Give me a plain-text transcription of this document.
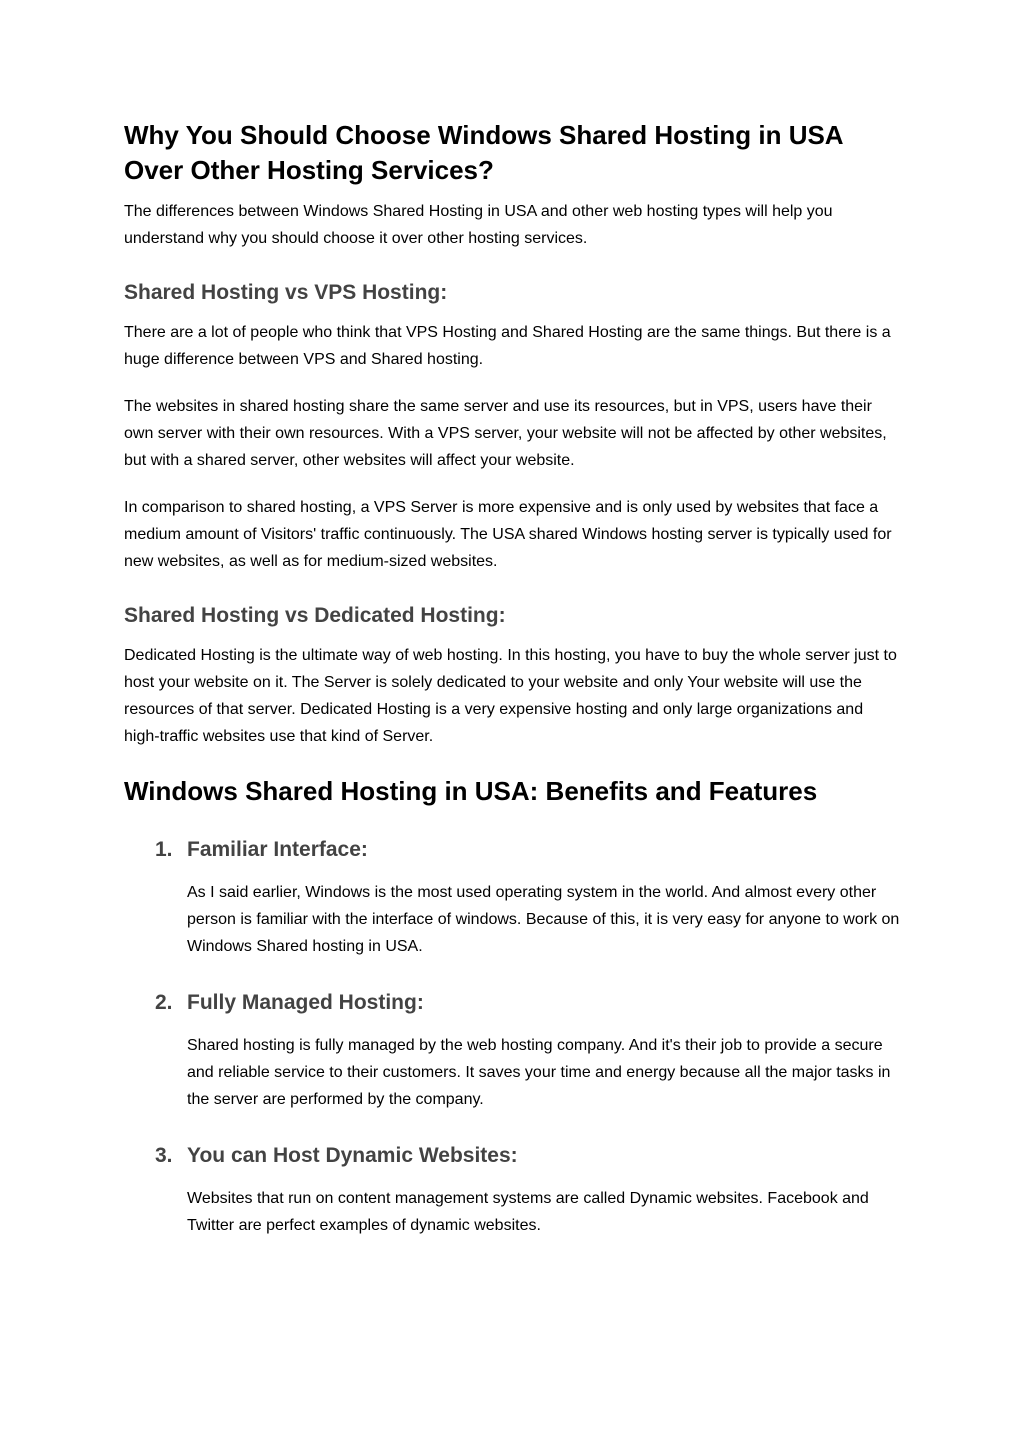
Why You Should Choose Windows Shared Hosting in USA Over Other Hosting Services?

The differences between Windows Shared Hosting in USA and other web hosting types will help you understand why you should choose it over other hosting services.

Shared Hosting vs VPS Hosting:

There are a lot of people who think that VPS Hosting and Shared Hosting are the same things. But there is a huge difference between VPS and Shared hosting.

The websites in shared hosting share the same server and use its resources, but in VPS, users have their own server with their own resources. With a VPS server, your website will not be affected by other websites, but with a shared server, other websites will affect your website.

In comparison to shared hosting, a VPS Server is more expensive and is only used by websites that face a medium amount of Visitors' traffic continuously. The USA shared Windows hosting server is typically used for new websites, as well as for medium-sized websites.

Shared Hosting vs Dedicated Hosting:

Dedicated Hosting is the ultimate way of web hosting. In this hosting, you have to buy the whole server just to host your website on it. The Server is solely dedicated to your website and only Your website will use the resources of that server. Dedicated Hosting is a very expensive hosting and only large organizations and high-traffic websites use that kind of Server.

Windows Shared Hosting in USA: Benefits and Features
1. Familiar Interface:

As I said earlier, Windows is the most used operating system in the world. And almost every other person is familiar with the interface of windows. Because of this, it is very easy for anyone to work on Windows Shared hosting in USA.

2. Fully Managed Hosting:

Shared hosting is fully managed by the web hosting company. And it's their job to provide a secure and reliable service to their customers. It saves your time and energy because all the major tasks in the server are performed by the company.

3. You can Host Dynamic Websites:

Websites that run on content management systems are called Dynamic websites. Facebook and Twitter are perfect examples of dynamic websites.
